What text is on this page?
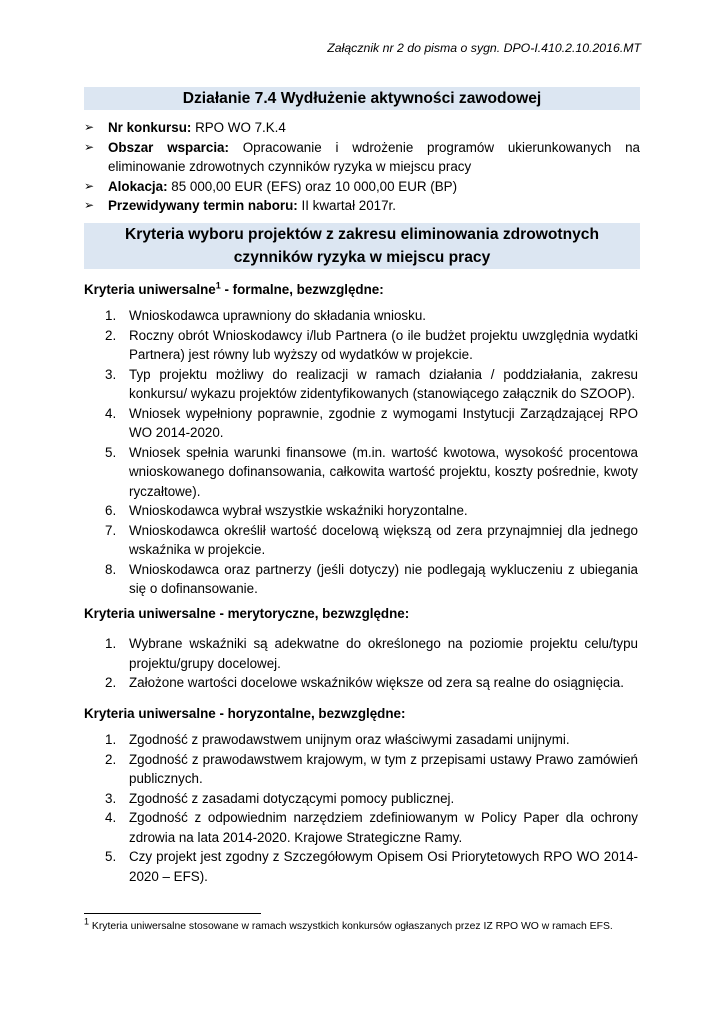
Załącznik nr 2 do pisma o sygn. DPO-I.410.2.10.2016.MT
Działanie 7.4 Wydłużenie aktywności zawodowej
➢ Nr konkursu: RPO WO 7.K.4
➢ Obszar wsparcia: Opracowanie i wdrożenie programów ukierunkowanych na eliminowanie zdrowotnych czynników ryzyka w miejscu pracy
➢ Alokacja: 85 000,00 EUR (EFS) oraz 10 000,00 EUR (BP)
➢ Przewidywany termin naboru: II kwartał 2017r.
Kryteria wyboru projektów z zakresu eliminowania zdrowotnych czynników ryzyka w miejscu pracy
Kryteria uniwersalne$^1$ - formalne, bezwzględne:
1. Wnioskodawca uprawniony do składania wniosku.
2. Roczny obrót Wnioskodawcy i/lub Partnera (o ile budżet projektu uwzględnia wydatki Partnera) jest równy lub wyższy od wydatków w projekcie.
3. Typ projektu możliwy do realizacji w ramach działania / poddziałania, zakresu konkursu/ wykazu projektów zidentyfikowanych (stanowiącego załącznik do SZOOP).
4. Wniosek wypełniony poprawnie, zgodnie z wymogami Instytucji Zarządzającej RPO WO 2014-2020.
5. Wniosek spełnia warunki finansowe (m.in. wartość kwotowa, wysokość procentowa wnioskowanego dofinansowania, całkowita wartość projektu, koszty pośrednie, kwoty ryczałtowe).
6. Wnioskodawca wybrał wszystkie wskaźniki horyzontalne.
7. Wnioskodawca określił wartość docelową większą od zera przynajmniej dla jednego wskaźnika w projekcie.
8. Wnioskodawca oraz partnerzy (jeśli dotyczy) nie podlegają wykluczeniu z ubiegania się o dofinansowanie.
Kryteria uniwersalne - merytoryczne, bezwzględne:
1. Wybrane wskaźniki są adekwatne do określonego na poziomie projektu celu/typu projektu/grupy docelowej.
2. Założone wartości docelowe wskaźników większe od zera są realne do osiągnięcia.
Kryteria uniwersalne - horyzontalne, bezwzględne:
1. Zgodność z prawodawstwem unijnym oraz właściwymi zasadami unijnymi.
2. Zgodność z prawodawstwem krajowym, w tym z przepisami ustawy Prawo zamówień publicznych.
3. Zgodność z zasadami dotyczącymi pomocy publicznej.
4. Zgodność z odpowiednim narzędziem zdefiniowanym w Policy Paper dla ochrony zdrowia na lata 2014-2020. Krajowe Strategiczne Ramy.
5. Czy projekt jest zgodny z Szczegółowym Opisem Osi Priorytetowych RPO WO 2014-2020 – EFS).
$^1$ Kryteria uniwersalne stosowane w ramach wszystkich konkursów ogłaszanych przez IZ RPO WO w ramach EFS.
